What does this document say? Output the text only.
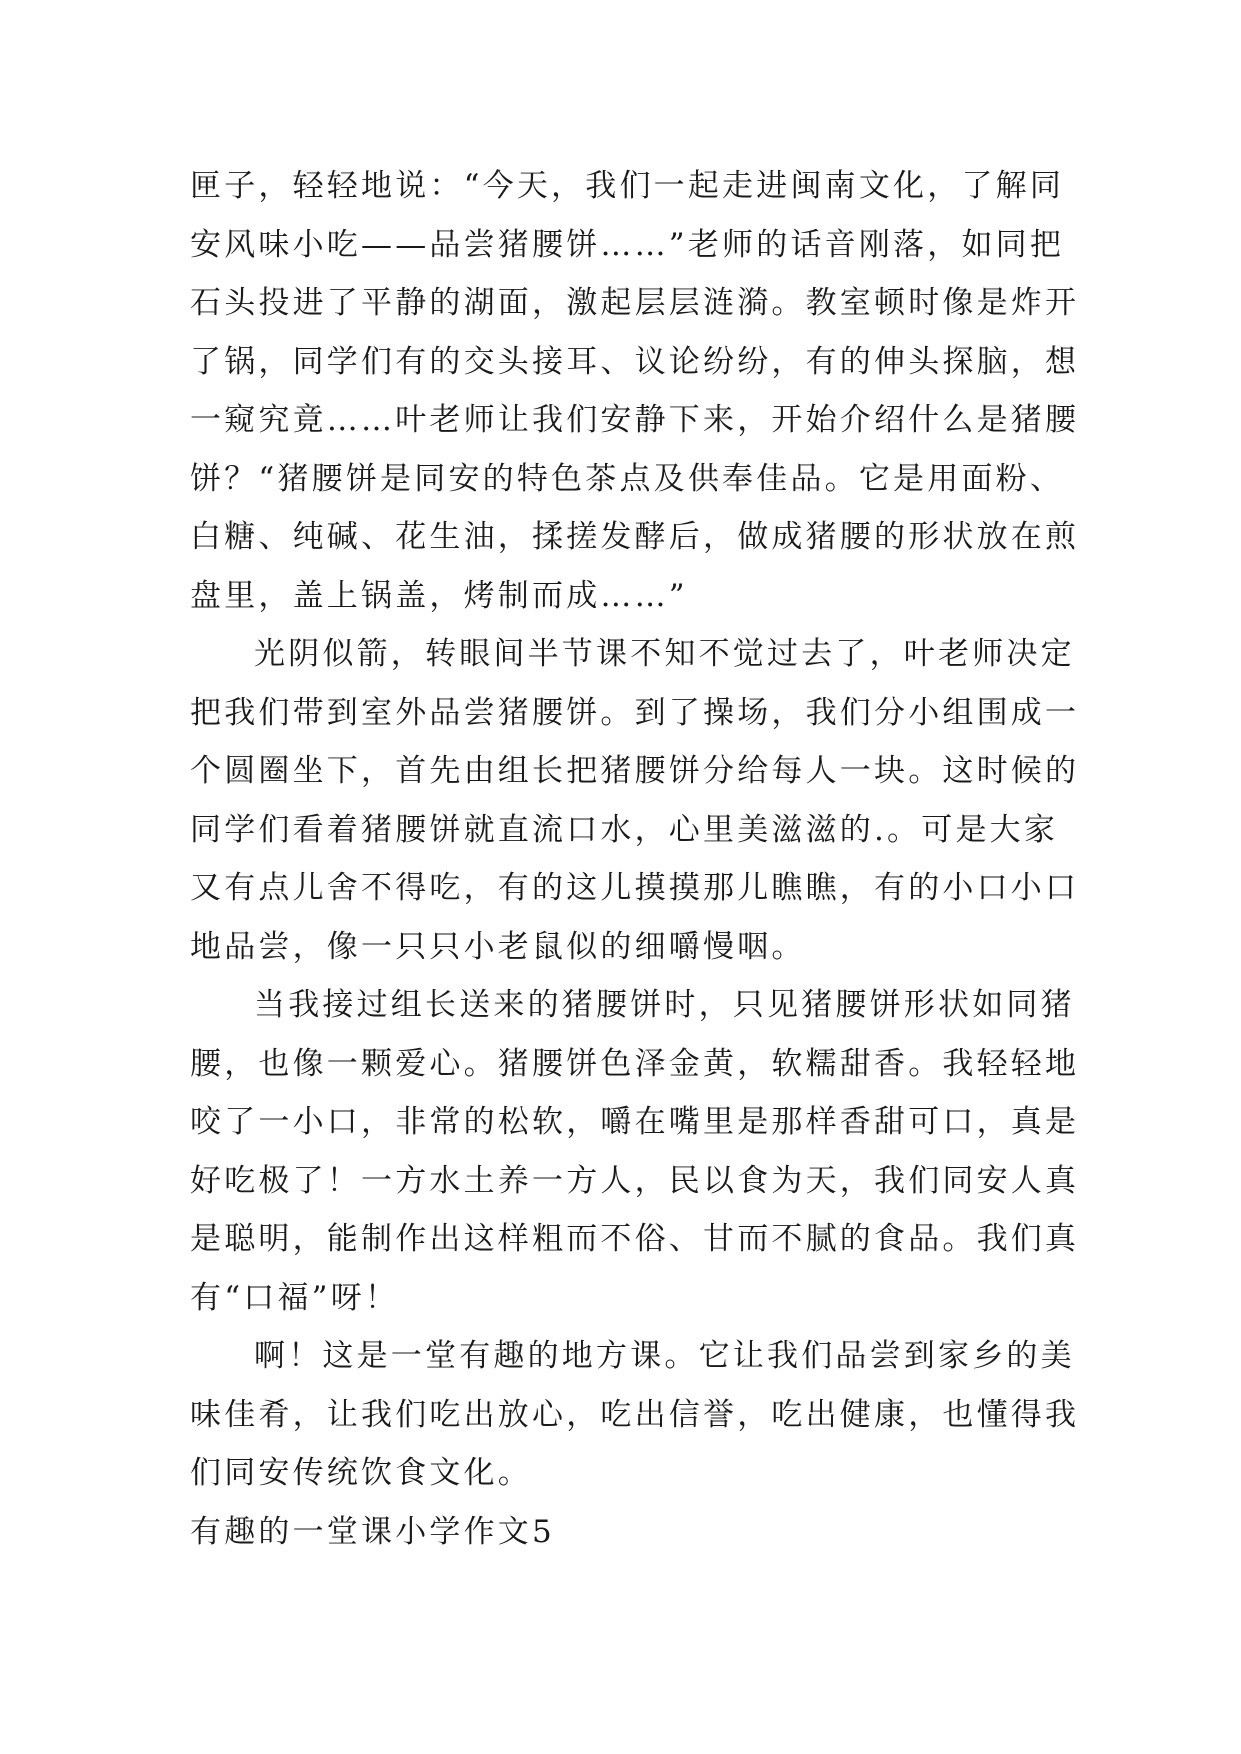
匣子，轻轻地说：“今天，我们一起走进闽南文化，了解同
安风味小吃——品尝猪腰饼……”老师的话音刚落，如同把
石头投进了平静的湖面，激起层层涟漪。教室顿时像是炸开
了锅，同学们有的交头接耳、议论纷纷，有的伸头探脑，想
一窥究竟……叶老师让我们安静下来，开始介绍什么是猪腰
饼？“猪腰饼是同安的特色茶点及供奉佳品。它是用面粉、
白糖、纯碱、花生油，揉搓发酵后，做成猪腰的形状放在煎
盘里，盖上锅盖，烤制而成……”
光阴似箭，转眼间半节课不知不觉过去了，叶老师决定
把我们带到室外品尝猪腰饼。到了操场，我们分小组围成一
个圆圈坐下，首先由组长把猪腰饼分给每人一块。这时候的
同学们看着猪腰饼就直流口水，心里美滋滋的.。可是大家
又有点儿舍不得吃，有的这儿摸摸那儿瞧瞧，有的小口小口
地品尝，像一只只小老鼠似的细嚼慢咽。
当我接过组长送来的猪腰饼时，只见猪腰饼形状如同猪
腰，也像一颗爱心。猪腰饼色泽金黄，软糯甜香。我轻轻地
咬了一小口，非常的松软，嚼在嘴里是那样香甜可口，真是
好吃极了！一方水土养一方人，民以食为天，我们同安人真
是聪明，能制作出这样粗而不俗、甘而不腻的食品。我们真
有“口福”呀！
啊！这是一堂有趣的地方课。它让我们品尝到家乡的美
味佳肴，让我们吃出放心，吃出信誉，吃出健康，也懂得我
们同安传统饮食文化。
有趣的一堂课小学作文5
